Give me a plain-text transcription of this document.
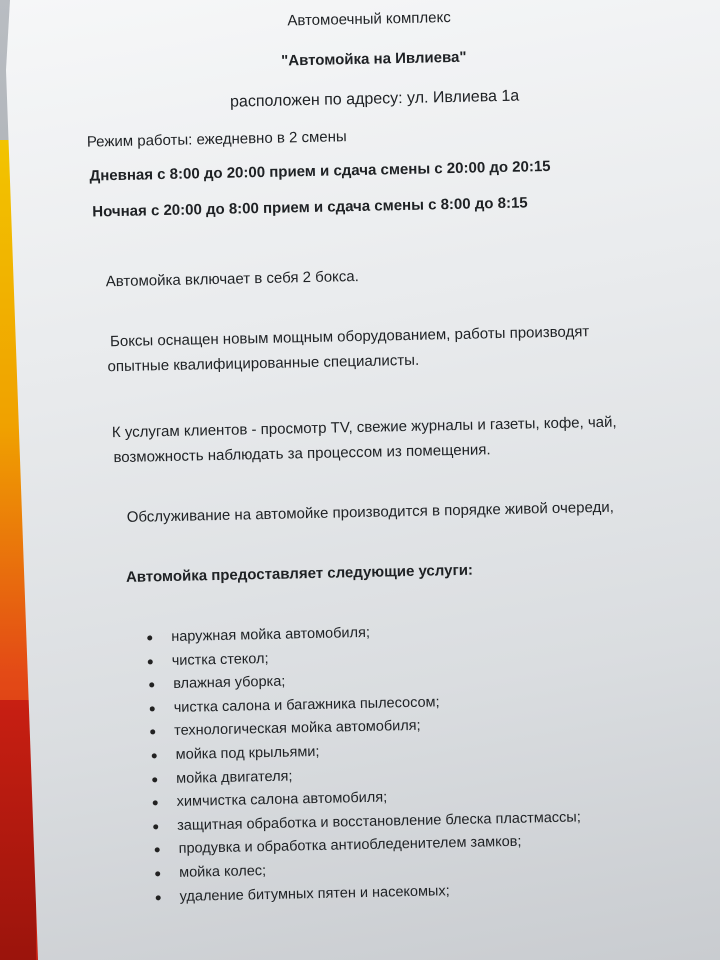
Автомоечный комплекс
"Автомойка на Ивлиева"
расположен по адресу: ул. Ивлиева 1а
Режим работы: ежедневно в 2 смены
Дневная с 8:00 до 20:00 прием и сдача смены с 20:00 до 20:15
Ночная с 20:00 до 8:00 прием и сдача смены с 8:00 до 8:15
Автомойка включает в себя 2 бокса.
Боксы оснащен новым мощным оборудованием, работы производят
опытные квалифицированные специалисты.
К услугам клиентов - просмотр TV, свежие журналы и газеты, кофе, чай,
возможность наблюдать за процессом из помещения.
Обслуживание на автомойке производится в порядке живой очереди,
Автомойка предоставляет следующие услуги:
наружная мойка автомобиля;
чистка стекол;
влажная уборка;
чистка салона и багажника пылесосом;
технологическая мойка автомобиля;
мойка под крыльями;
мойка двигателя;
химчистка салона автомобиля;
защитная обработка и восстановление блеска пластмассы;
продувка и обработка антиобледенителем замков;
мойка колес;
удаление битумных пятен и насекомых;
